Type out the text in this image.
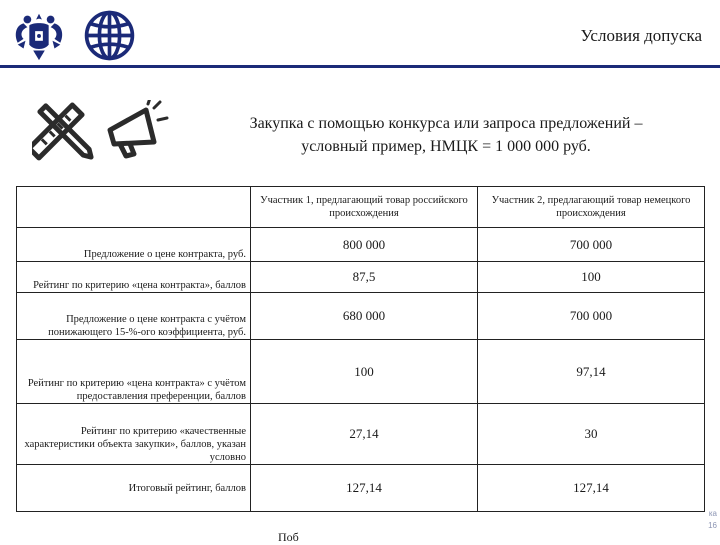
Условия допуска
Закупка с помощью конкурса или запроса предложений –
условный пример, НМЦК = 1 000 000 руб.
	Участник 1, предлагающий товар российского происхождения	Участник 2, предлагающий товар немецкого происхождения
Предложение о цене контракта, руб.	800 000	700 000
Рейтинг по критерию «цена контракта», баллов	87,5	100
Предложение о цене контракта с учётом понижающего 15-%-ого коэффициента, руб.	680 000	700 000
Рейтинг по критерию «цена контракта» с учётом предоставления преференции, баллов	100	97,14
Рейтинг по критерию «качественные характеристики объекта закупки», баллов, указан условно	27,14	30
Итоговый рейтинг, баллов	127,14	127,14
Поб
ка
16
